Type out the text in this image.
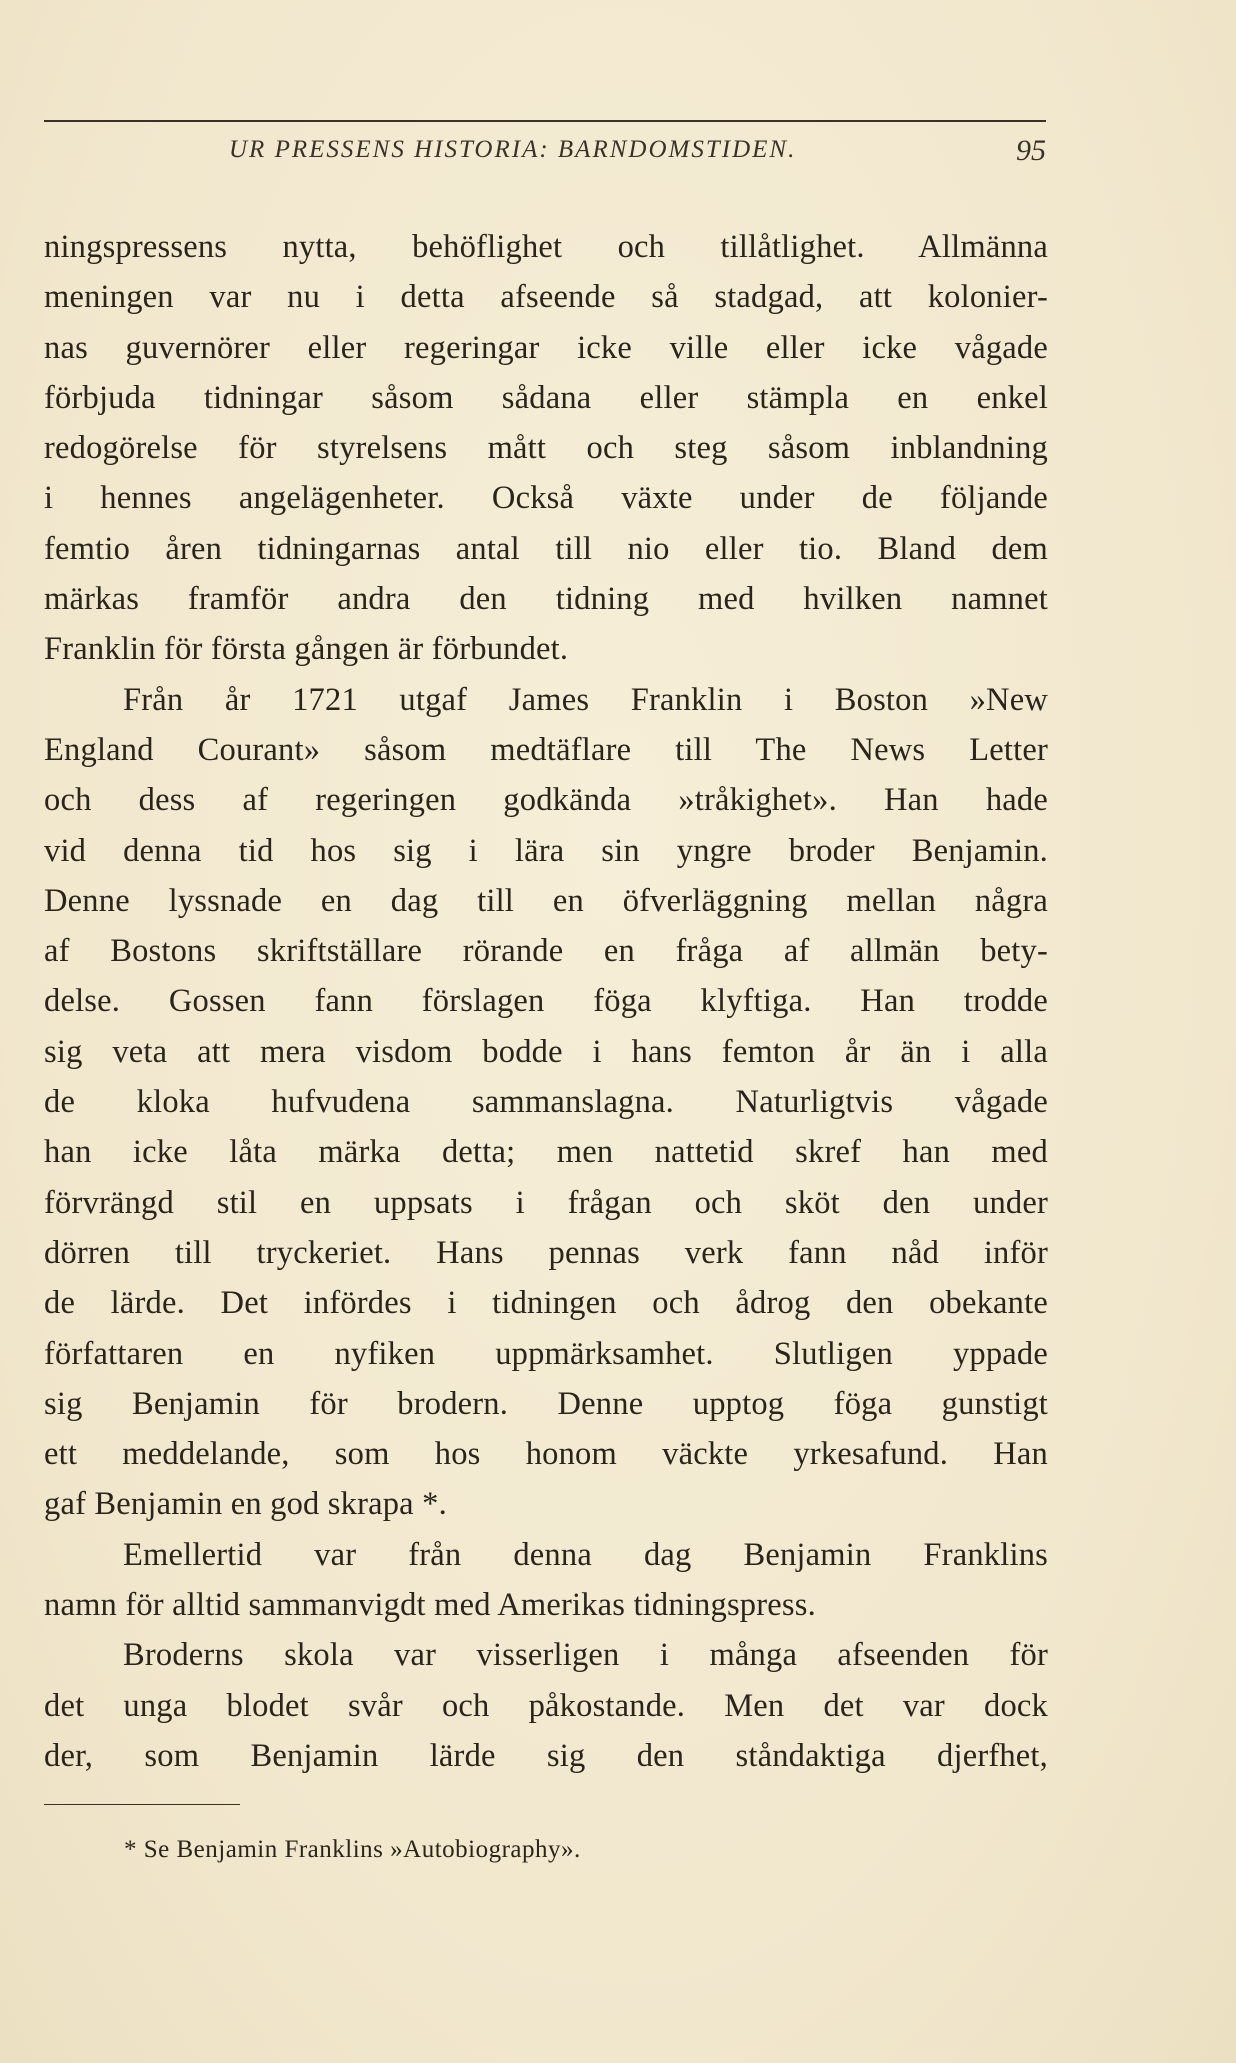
UR PRESSENS HISTORIA: BARNDOMSTIDEN.	95
ningspressens nytta, behöflighet och tillåtlighet. Allmänna
meningen var nu i detta afseende så stadgad, att kolonier-
nas guvernörer eller regeringar icke ville eller icke vågade
förbjuda tidningar såsom sådana eller stämpla en enkel
redogörelse för styrelsens mått och steg såsom inblandning
i hennes angelägenheter. Också växte under de följande
femtio åren tidningarnas antal till nio eller tio. Bland dem
märkas framför andra den tidning med hvilken namnet
Franklin för första gången är förbundet.
Från år 1721 utgaf James Franklin i Boston »New
England Courant» såsom medtäflare till The News Letter
och dess af regeringen godkända »tråkighet». Han hade
vid denna tid hos sig i lära sin yngre broder Benjamin.
Denne lyssnade en dag till en öfverläggning mellan några
af Bostons skriftställare rörande en fråga af allmän bety-
delse. Gossen fann förslagen föga klyftiga. Han trodde
sig veta att mera visdom bodde i hans femton år än i alla
de kloka hufvudena sammanslagna. Naturligtvis vågade
han icke låta märka detta; men nattetid skref han med
förvrängd stil en uppsats i frågan och sköt den under
dörren till tryckeriet. Hans pennas verk fann nåd inför
de lärde. Det infördes i tidningen och ådrog den obekante
författaren en nyfiken uppmärksamhet. Slutligen yppade
sig Benjamin för brodern. Denne upptog föga gunstigt
ett meddelande, som hos honom väckte yrkesafund. Han
gaf Benjamin en god skrapa *.
Emellertid var från denna dag Benjamin Franklins
namn för alltid sammanvigdt med Amerikas tidningspress.
Broderns skola var visserligen i många afseenden för
det unga blodet svår och påkostande. Men det var dock
der, som Benjamin lärde sig den ståndaktiga djerfhet,
* Se Benjamin Franklins »Autobiography».
